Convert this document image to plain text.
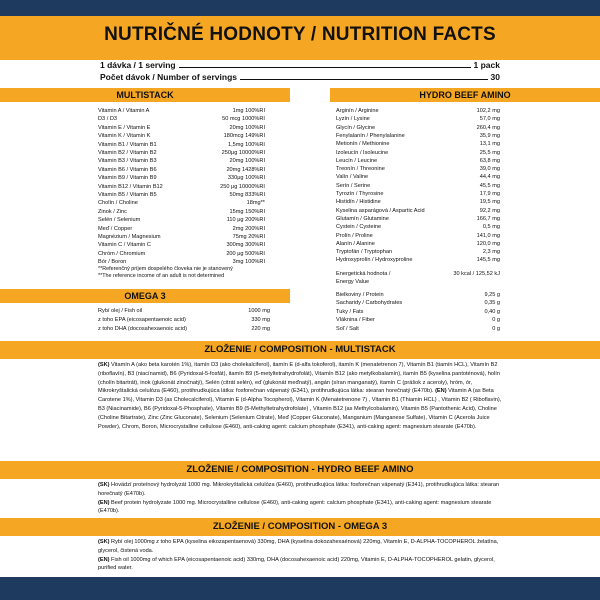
NUTRIČNÉ HODNOTY / NUTRITION FACTS
1 dávka / 1 serving	1 pack
Počet dávok / Number of servings	30
MULTISTACK
Vitamin A / Vitamin A	1mg 100%RI
D3 / D3	50 mcg 1000%RI
Vitamin E / Vitamin E	20mg 100%RI
Vitamin K / Vitamin K	180mcg 149%RI
Vitamin B1 / Vitamin B1	1,5mg 100%RI
Vitamin B2 / Vitamin B2	250μg 10000%RI
Vitamin B3 / Vitamin B3	20mg 100%RI
Vitamin B6 / Vitamin B6	20mg 1428%RI
Vitamin B9 / Vitamin B9	330μg 100%RI
Vitamin B12 / Vitamin B12	250 μg 10000%RI
Vitamin B5 / Vitamin B5	50mg 833%RI
Cholín / Choline	18mg**
Zinok / Zinc	15mg 150%RI
Selén / Selenium	110 μg 200%RI
Meď / Copper	2mg 200%RI
Magnézium / Magnesium	75mg 20%RI
Vitamin C / Vitamin C	300mg 300%RI
Chróm / Chromium	200 μg 500%RI
Bór / Boron	3mg 100%RI
**Referenčný príjem dospelého človeka nie je stanovený
**The reference income of an adult is not determined
OMEGA 3
Rybí olej / Fish oil	1000 mg
z toho EPA (eicosapentaenoic acid)	330 mg
z toho DHA (docosahexaenoic acid)	220 mg
HYDRO BEEF AMINO
Arginín / Arginine	102,2 mg
Lyzín / Lysine	57,0 mg
Glycín / Glycine	260,4 mg
Fenylalanín / Phenylalanine	35,9 mg
Metionín / Methionine	13,1 mg
Izoleucín / Isoleucine	25,5 mg
Leucín / Leucine	63,8 mg
Treonín / Threonine	39,0 mg
Valín / Valine	44,4 mg
Serín / Serine	45,5 mg
Tyrozín / Thyrosine	17,9 mg
Histidín / Histidine	19,5 mg
Kyselina asparágová / Aspartic Acid	92,2 mg
Glutamín / Glutamine	166,7 mg
Cystein / Cysteine	0,5 mg
Prolín / Proline	141,0 mg
Alanín / Alanine	120,0 mg
Tryptofán / Tryptophan	2,3 mg
Hydroxyprolín / Hydroxyproline	145,5 mg
Energetická hodnota /	30 kcal / 125,52 kJ
Energy Value
Bielkoviny / Protein	9,25 g
Sacharidy / Carbohydrates	0,35 g
Tuky / Fats	0,40 g
Vláknina / Fiber	0 g
Soľ / Salt	0 g
ZLOŽENIE / COMPOSITION - MULTISTACK
(SK) Vitamín A (ako beta karotén 1%), itamín D3 (ako cholekalciferol), itamín E (d-alfa tokoferol), itamín K (menatetrenon 7), Vitamín B1 (tiamín HCL), Vitamín B2 (riboflavín), B3 (niacínamid), B6 (Pyridoxal-5-fosfát), itamín B9 (5-metyltetrahydrofolát), Vitamín B12 (ako metylkobalamín), itamín B5 (kyselina pantoténová), holín (cholín bitartrát), inok (glukonát zinočnatý), Selén (citrát selén), eď (glukonát meďnatý), angán (síran manganatý), itamín C (prášok z aceroly), hróm, ór, Mikrokryštalická celulóza (E460), protihrudkujúca látka: fosforečnan vápenatý (E341), protihrudkujúca látka: stearan horečnatý (E470b). (EN) Vitamin A (as Beta Carotene 1%), Vitamin D3 (as Cholecalciferol), Vitamin E (d-Alpha Tocopherol), Vitamin K (Menatetrenone 7) , Vitamin B1 (Thiamin HCL) , Vitamin B2 ( Riboflavin), B3 (Niacinamide), B6 (Pyridoxal-5-Phosphate), Vitamin B9 (5-Methyltetrahydrofolate) , Vitamin B12 (as Methylcobalamin), Vitamin B5 (Pantothenic Acid), Choline (Choline Bitartrate), Zinc (Zinc Gluconate), Selenium (Selenium Citrate), Meď (Copper Gluconate), Manganium (Manganese Sulfate), Vitamin C (Acerola Juice Powder), Chrom, Boron, Microcrystalline cellulose (E460), anti-caking agent: calcium phosphate (E341), anti-caking agent: magnesium stearate (E470b).
ZLOŽENIE / COMPOSITION - HYDRO BEEF AMINO
(SK) Hovädzí proteínový hydrolyzát 1000 mg. Mikrokryštalická celulóza (E460), protihrudkujúca látka: fosforečnan vápenatý (E341), protihrudkujúca látka: stearan horečnatý (E470b).
(EN) Beef protein hydrolyzate 1000 mg. Microcrystalline cellulose (E460), anti-caking agent: calcium phosphate (E341), anti-caking agent: magnesium stearate (E470b).
ZLOŽENIE / COMPOSITION - OMEGA 3
(SK) Rybí olej 1000mg z toho EPA (kyselina eikozapentaenová) 330mg, DHA (kyselina dokozahexaénová) 220mg, Vitamín E, D-ALPHA-TOCOPHEROL želatína, glycerol, čistená voda.
(EN) Fish oil 1000mg of which EPA (eicosapentaenoic acid) 330mg, DHA (docosahexaenoic acid) 220mg, Vitamin E, D-ALPHA-TOCOPHEROL gelatin, glycerol, purified water.
